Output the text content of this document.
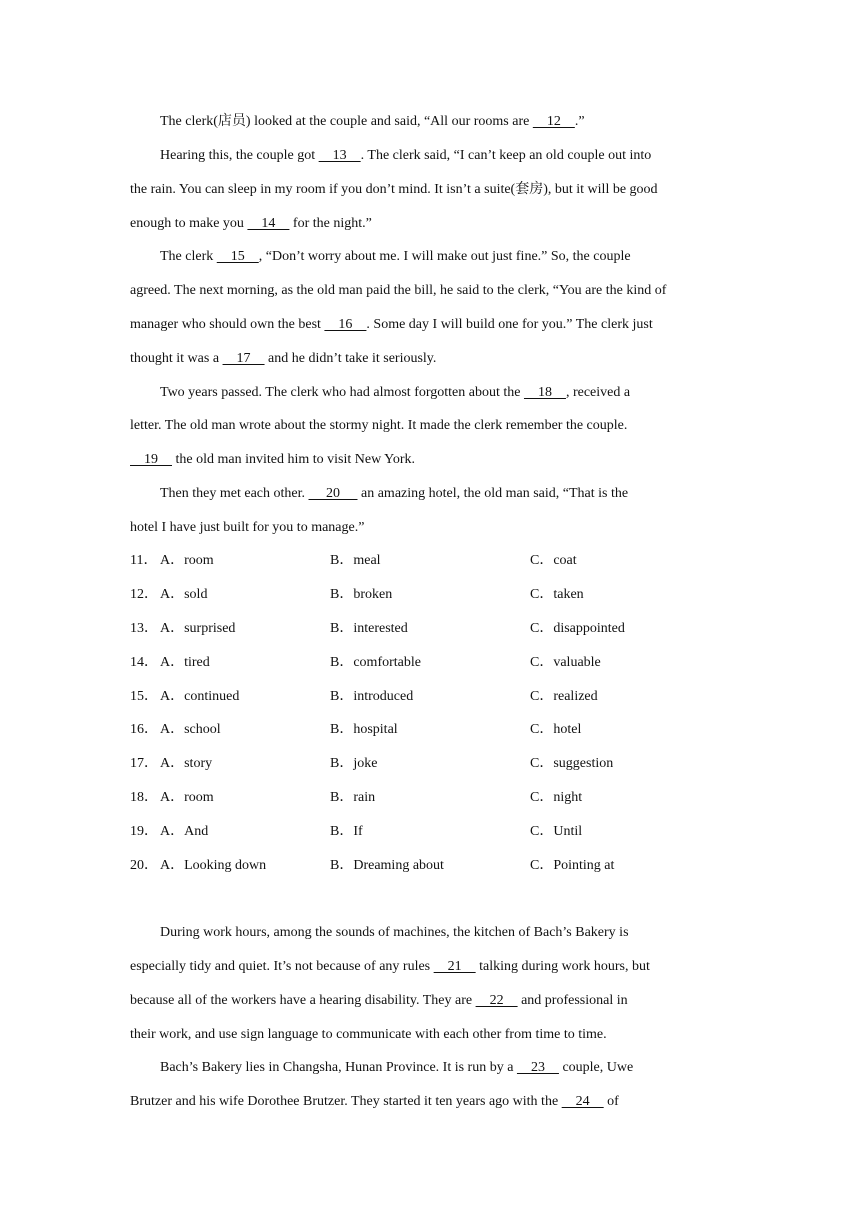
The clerk(店员) looked at the couple and said, “All our rooms are     12    .”
Hearing this, the couple got     13    . The clerk said, “I can’t keep an old couple out into
the rain. You can sleep in my room if you don’t mind. It isn’t a suite(套房), but it will be good
enough to make you     14     for the night.”
The clerk     15    , “Don’t worry about me. I will make out just fine.” So, the couple
agreed. The next morning, as the old man paid the bill, he said to the clerk, “You are the kind of
manager who should own the best     16    . Some day I will build one for you.” The clerk just
thought it was a     17     and he didn’t take it seriously.
Two years passed. The clerk who had almost forgotten about the     18    , received a
letter. The old man wrote about the stormy night. It made the clerk remember the couple.
19     the old man invited him to visit New York.
Then they met each other.      20      an amazing hotel, the old man said, “That is the
hotel I have just built for you to manage.”
11． A．room	B．meal	C．coat
12． A．sold	B．broken	C．taken
13． A．surprised	B．interested	C．disappointed
14． A．tired	B．comfortable	C．valuable
15． A．continued	B．introduced	C．realized
16． A．school	B．hospital	C．hotel
17． A．story	B．joke	C．suggestion
18． A．room	B．rain	C．night
19． A．And	B．If	C．Until
20． A．Looking down	B．Dreaming about	C．Pointing at
During work hours, among the sounds of machines, the kitchen of Bach’s Bakery is
especially tidy and quiet. It’s not because of any rules     21     talking during work hours, but
because all of the workers have a hearing disability. They are     22     and professional in
their work, and use sign language to communicate with each other from time to time.
Bach’s Bakery lies in Changsha, Hunan Province. It is run by a     23     couple, Uwe
Brutzer and his wife Dorothee Brutzer. They started it ten years ago with the     24     of
